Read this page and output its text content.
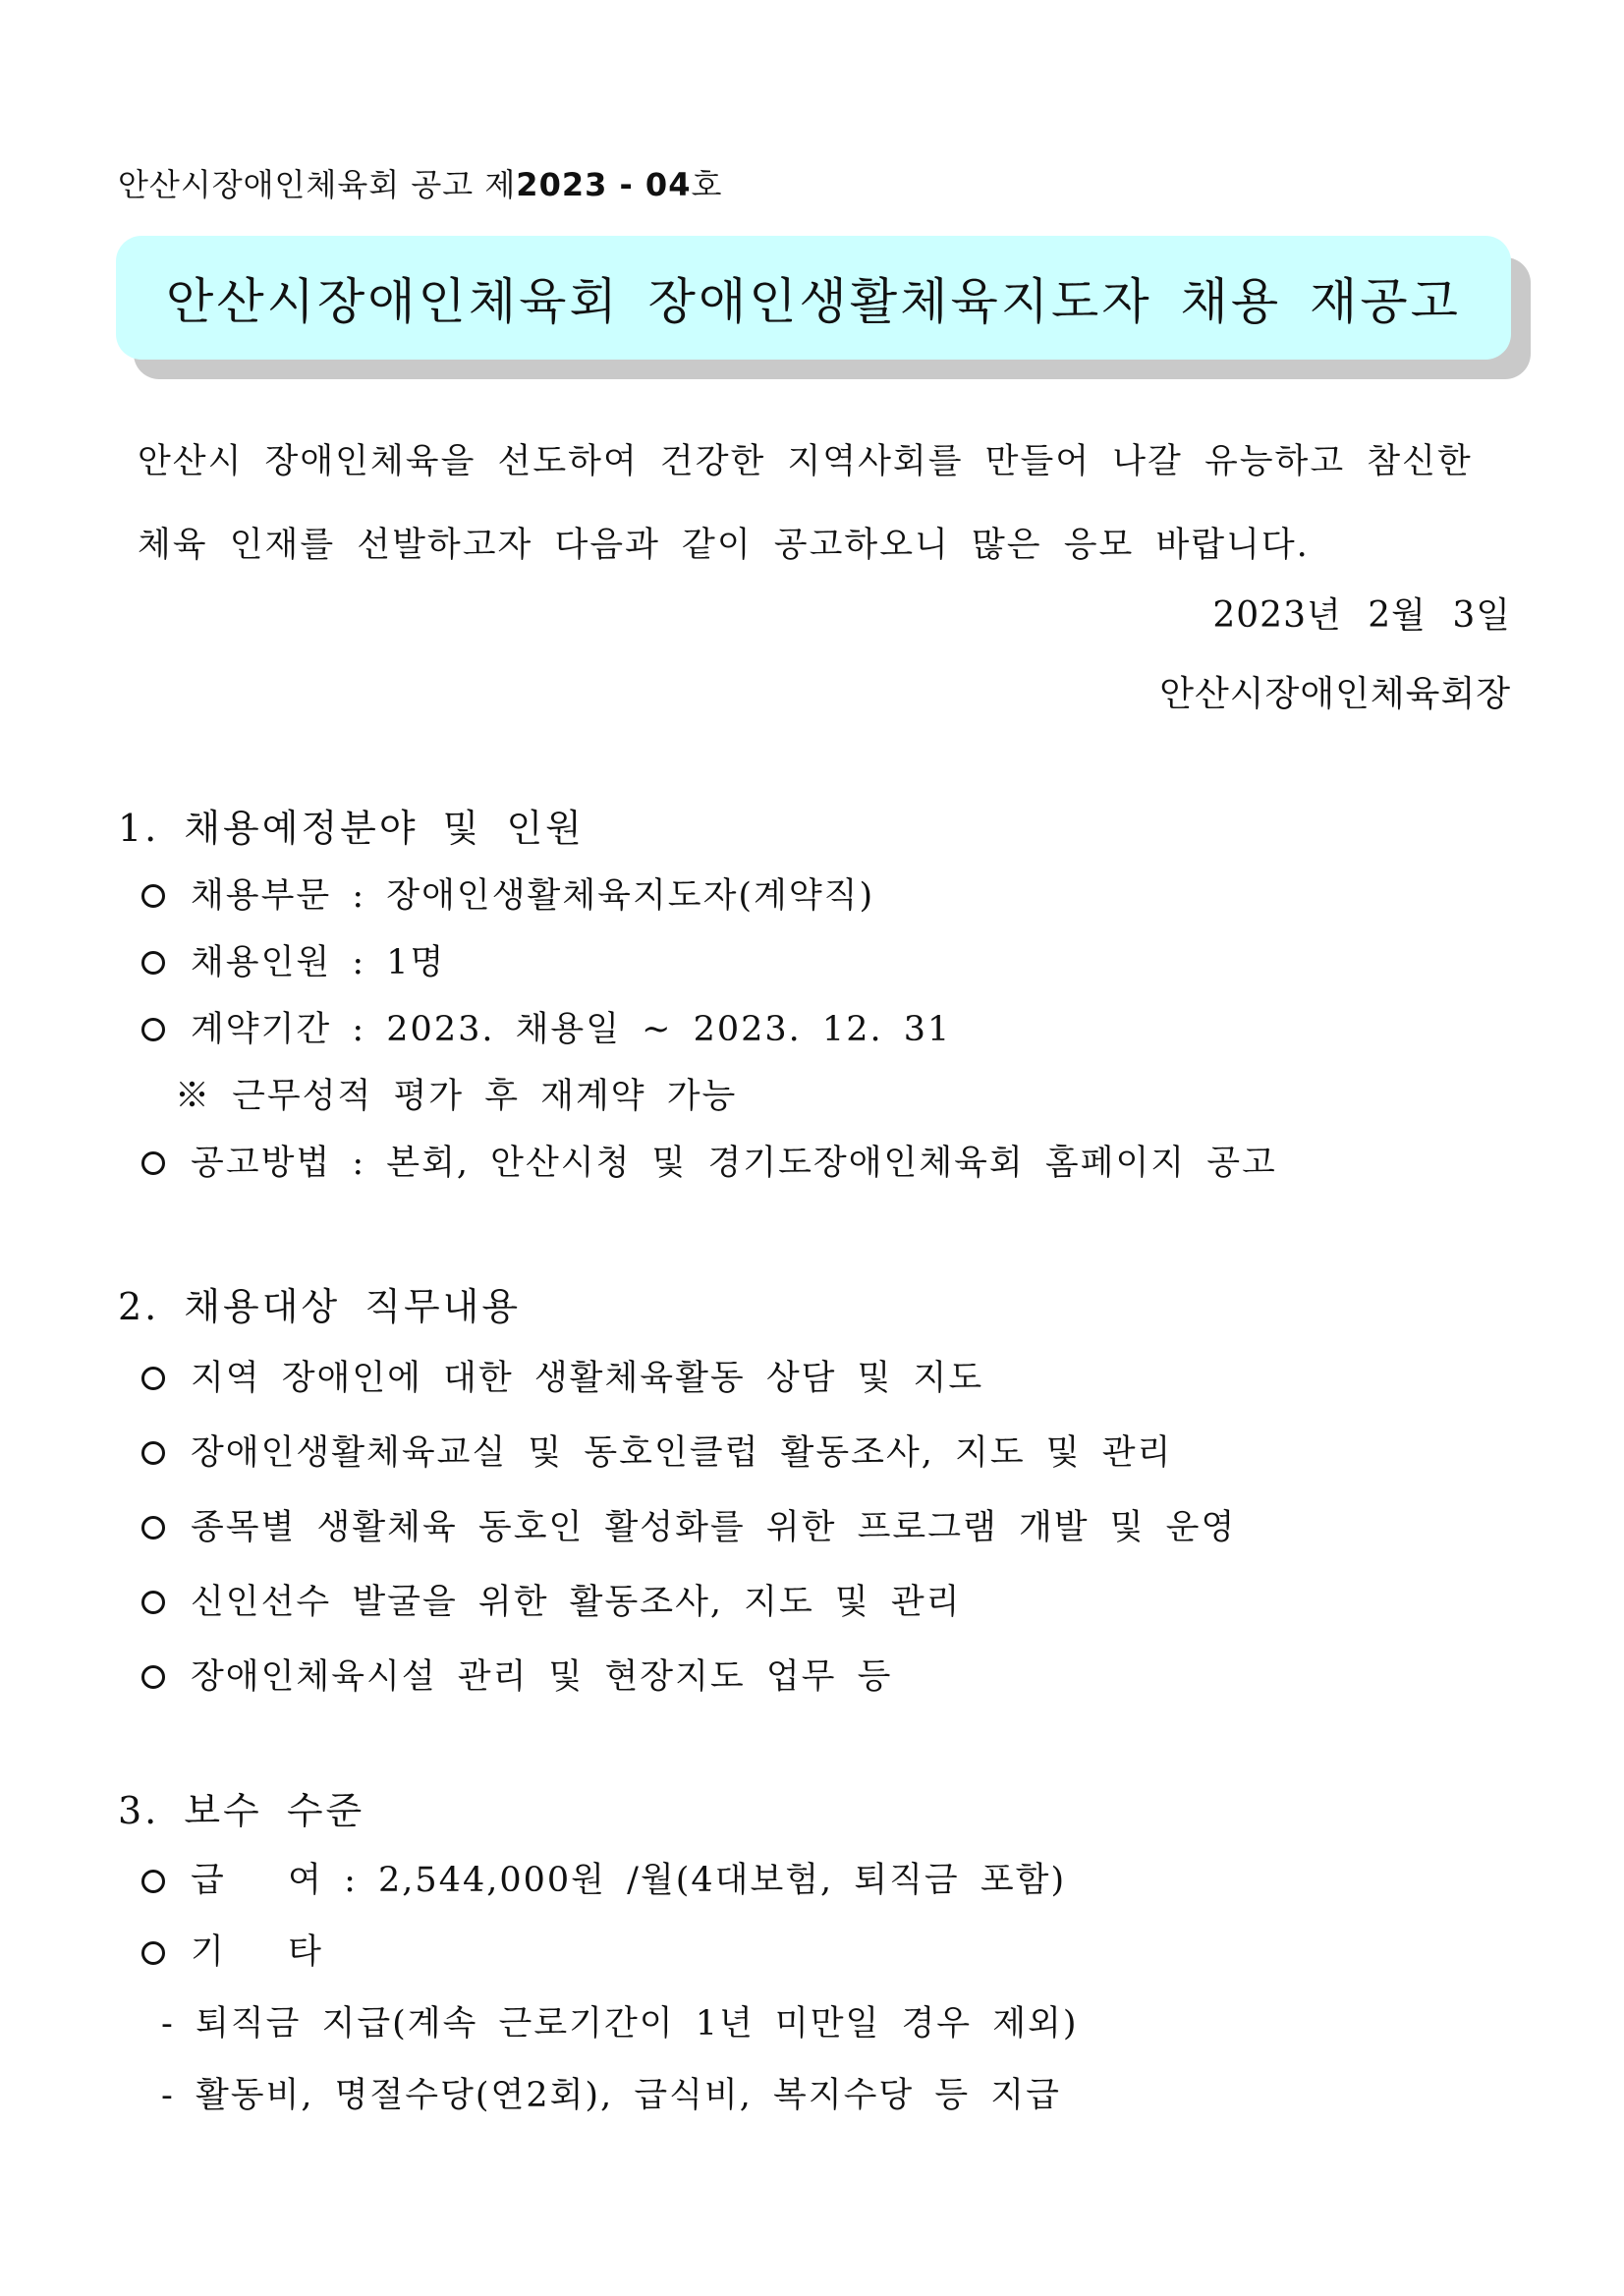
안산시장애인체육회 공고 제2023 - 04호
안산시장애인체육회 장애인생활체육지도자 채용 재공고
안산시 장애인체육을 선도하여 건강한 지역사회를 만들어 나갈 유능하고 참신한
체육 인재를 선발하고자 다음과 같이 공고하오니 많은 응모 바랍니다.
2023년 2월 3일
안산시장애인체육회장
1. 채용예정분야 및 인원
채용부문 : 장애인생활체육지도자(계약직)
채용인원 : 1명
계약기간 : 2023. 채용일 ~ 2023. 12. 31
※ 근무성적 평가 후 재계약 가능
공고방법 : 본회, 안산시청 및 경기도장애인체육회 홈페이지 공고
2. 채용대상 직무내용
지역 장애인에 대한 생활체육활동 상담 및 지도
장애인생활체육교실 및 동호인클럽 활동조사, 지도 및 관리
종목별 생활체육 동호인 활성화를 위한 프로그램 개발 및 운영
신인선수 발굴을 위한 활동조사, 지도 및 관리
장애인체육시설 관리 및 현장지도 업무 등
3. 보수 수준
급   여 : 2,544,000원 /월(4대보험, 퇴직금 포함)
기   타
- 퇴직금 지급(계속 근로기간이 1년 미만일 경우 제외)
- 활동비, 명절수당(연2회), 급식비, 복지수당 등 지급
